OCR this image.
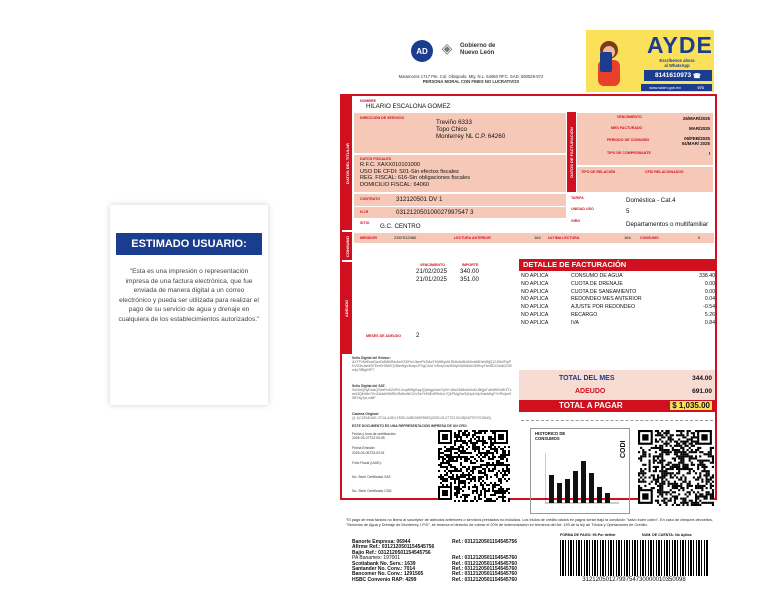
ESTIMADO USUARIO:
"Esta es una impresión o representación impresa de una factura electrónica, que fue enviada de manera digital a un correo electrónico y pueda ser utilizada para realizar el pago de su servicio de agua y drenaje en cualquiera de los establecimientos autorizados."
AD ◈	Gobierno de
Nuevo León
Matamoros 1717 Pte. Col. Obispado, Mty. N.L. 64060 RFC. SAD. 560528-572
PERSONA MORAL CON FINES NO LUCRATIVOS
AYDE
Escríbenos ahora
al WhatsApp
8141610973
☎
www.sadm.gob.mx	073
DATOS DEL TITULAR
CONSUMO
ADEUDO
DATOS DE FACTURACIÓN
NOMBRE
HILARIO ESCALONA GOMEZ
DIRECCIÓN DE SERVICIO
Treviño 6333
Topo Chico
Monterrey NL C.P. 64260
DATOS FISCALES
R.F.C. XAXX010101000
USO DE CFDI: S01-Sin efectos fiscales
REG. FISCAL: 616-Sin obligaciones fiscales
DOMICILIO FISCAL: 64060
CONTRATO	312120501 DV 1
N.I.R	031212050100027997547 3
SITIO G.C. CENTRO
VENCIMIENTO	26/MAR/2025
MES FACTURADO	MAR/2025
PERIODO DE CONSUMO	06/FEB/2025
04/MAR/ 2025
TIPO DE COMPROBANTE	I
TIPO DE RELACIÓN	CFDI RELACIONADOS
TARIFA	Doméstica - Cat.4
UNIDAD USO	5
GIRO	Departamentos o multifamiliar
MEDIDOR	2357012080	LECTURA ANTERIOR	164 ULTIMA LECTURA	164	CONSUMO	0
VENCIMIENTO	IMPORTE
21/02/2025 340.00
21/01/2025 351.00
MESES DE ADEUDO 2
DETALLE DE FACTURACIÓN
NO APLICA	CONSUMO DE AGUA	338.40
NO APLICA	CUOTA DE DRENAJE	0.00
NO APLICA	CUOTA DE SANEAMIENTO	0.00
NO APLICA	REDONDEO MES ANTERIOR	0.04
NO APLICA	AJUSTE POR REDONDEO	-0.54
NO APLICA	RECARGO	5.26
NO APLICA	IVA	0.84
TOTAL DEL MES	344.00
ADEUDO	691.00
TOTAL A PAGAR	$ 1,035.00
Sello Digital del Emisor:
AXTFVMrEewDwzDdBBbRdc8mTKDFmGkeePlr2MwTKN9Bys5LRb8v6v8b0b0mdMDeNt5jQ12JHb0FlpPHVG3sJbmi0lTEerKH3Wt7jV8hm5gV4kApUPXgCAhx7xRmpVwrfKMyHlUIMbtUO6HfxpTkm8DX3vdh2OiSw4yT8BgK9P7
Sello Digital del SAT:
Sok5oQNyDmsQGeeRuKZoPhLXcqWWgKqqZjQeegpNomTy0r+4Wa7lM8sUkKsEU8hjjaTu4NWKWlKZTzwnl3QfhMbVTrnZsbtAb9MR0xRd8mNKZxVSeYHNlEuR9h6xL7QkPMgZrs0QNp4XbpXdwN0gP+KRVqm9SBYsg7pLcd6F
Cadena Original:
||1.1|C3FAE4AE-CF1A-A0E4-FE8D-A9B2069FB5E0|2025-03-07T22:00:05|SAT970701NN3|
ESTE DOCUMENTO ES UNA REPRESENTACIÓN IMPRESA DE UN CFDI
Fecha y hora de certificación:
2025-03-07T22:00:05
Fecha Emisión:
2025-03-06T23:03:01
Folio Fiscal (UUID):
No. Serie Certificado SAT:
No. Serie Certificado CSD:
HISTORICO DE CONSUMOS
CODI
"El pago de esta factura no libera al suscriptor de adeudos anteriores o servicios prestados no incluidos. Los títulos de crédito dados en pagos serán bajo la condición "salvo buen cobro". En caso de cheques devueltos, "Servicios de Agua y Drenaje de Monterrey, I.P.D", se reserva el derecho de cobrar el 20% de indemnización en términos del Art. 193 de la ley de Títulos y Operaciones de Crédito.
FORMA DE PAGO: 99-Por definir	NUM. DE CUENTA: No Aplica
Banorte Empresa: 06944	Ref.: 0312120501154545756
Afirme Ref.: 0312120501154545756
Bajío Ref.: 0312120501154545756
PA Banamex: 197001	Ref.: 0312120501154545760
Scotiabank No. Serv.: 1639	Ref.: 0312120501154545760
Santander No. Conv.: 7014	Ref.: 0312120501154545760
Bancomer No. Conv.: 1291505	Ref.: 0312120501154545760
HSBC Convenio RAP: 4299	Ref.: 0312120501154545760	3121205012799754730000010350098
